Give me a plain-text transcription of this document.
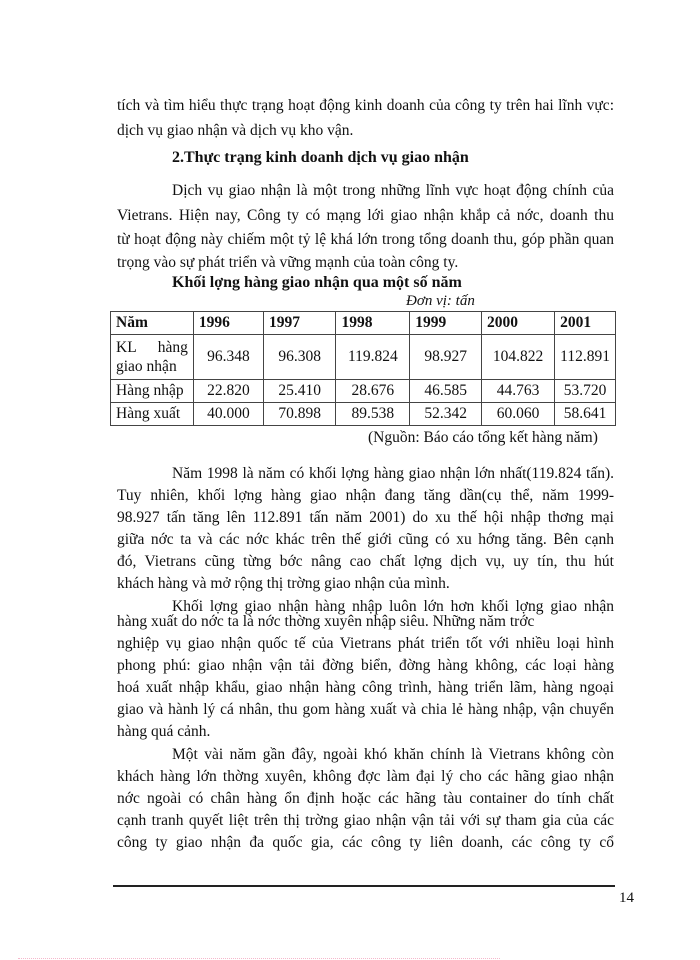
tích và tìm hiểu thực trạng hoạt động kinh doanh của công ty trên hai lĩnh vực:
dịch vụ giao nhận và dịch vụ kho vận.
2.Thực trạng kinh doanh dịch vụ giao nhận
Dịch vụ giao nhận là một trong những lĩnh vực hoạt động chính của
Vietrans. Hiện nay, Công ty có mạng lới giao nhận khắp cả nớc, doanh thu
từ hoạt động này chiếm một tỷ lệ khá lớn trong tổng doanh thu, góp phần quan
trọng vào sự phát triển và vững mạnh của toàn công ty.
Khối lợng hàng giao nhận qua một số năm
Đơn vị: tấn
Năm	1996	1997	1998	1999	2000	2001

KL hàng
giao nhận	96.348	96.308	119.824	98.927	104.822	112.891
Hàng nhập	22.820	25.410	28.676	46.585	44.763	53.720
Hàng xuất	40.000	70.898	89.538	52.342	60.060	58.641
(Nguồn: Báo cáo tổng kết hàng năm)
Năm 1998 là năm có khối lợng hàng giao nhận lớn nhất(119.824 tấn).
Tuy nhiên, khối lợng hàng giao nhận đang tăng dần(cụ thể, năm 1999-
98.927 tấn tăng lên 112.891 tấn năm 2001) do xu thế hội nhập thơng mại
giữa nớc ta và các nớc khác trên thế giới cũng có xu hớng tăng. Bên cạnh
đó, Vietrans cũng từng bớc nâng cao chất lợng dịch vụ, uy tín, thu hút
khách hàng và mở rộng thị trờng giao nhận của mình.
Khối lợng giao nhận hàng nhập luôn lớn hơn khối lợng giao nhận
hàng xuất do nớc ta là nớc thờng xuyên nhập siêu. Những năm trớc
nghiệp vụ giao nhận quốc tế của Vietrans phát triển tốt với nhiều loại hình
phong phú: giao nhận vận tải đờng biển, đờng hàng không, các loại hàng
hoá xuất nhập khẩu, giao nhận hàng công trình, hàng triển lãm, hàng ngoại
giao và hành lý cá nhân, thu gom hàng xuất và chia lẻ hàng nhập, vận chuyển
hàng quá cảnh.
Một vài năm gần đây, ngoài khó khăn chính là Vietrans không còn
khách hàng lớn thờng xuyên, không đợc làm đại lý cho các hãng giao nhận
nớc ngoài có chân hàng ổn định hoặc các hãng tàu container do tính chất
cạnh tranh quyết liệt trên thị trờng giao nhận vận tải với sự tham gia của các
công ty giao nhận đa quốc gia, các công ty liên doanh, các công ty cổ
14
